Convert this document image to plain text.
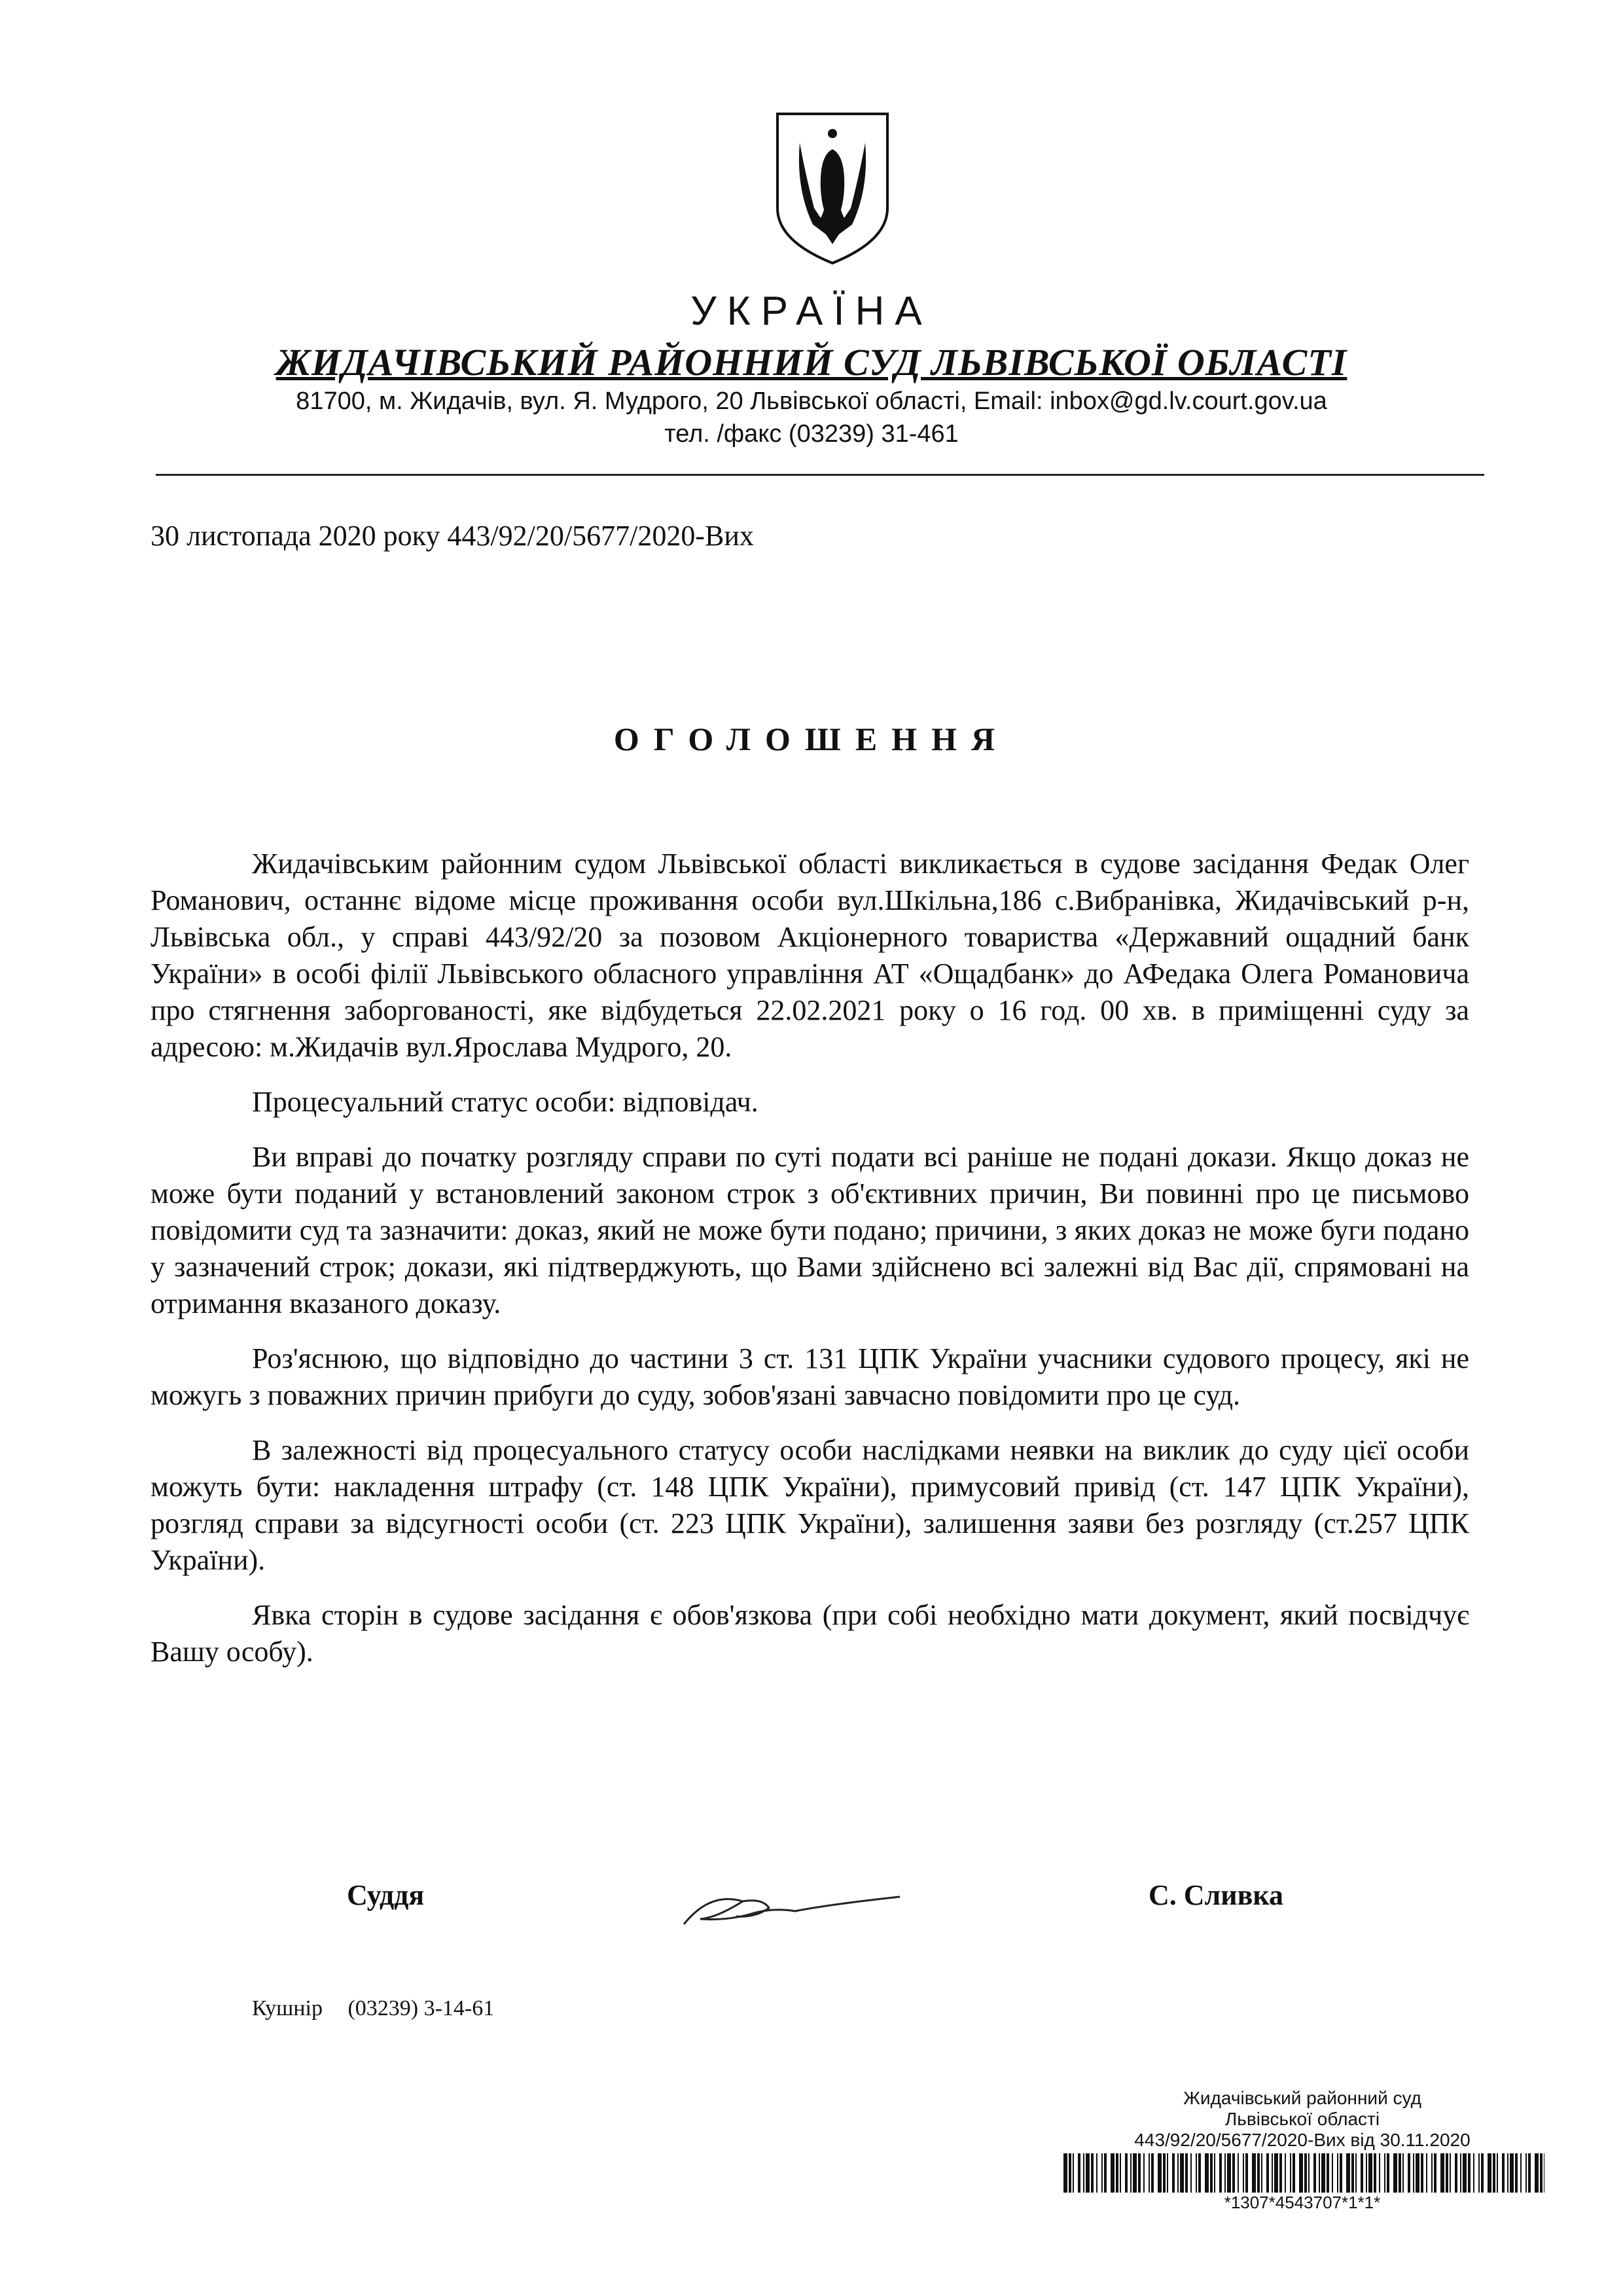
УКРАЇНА
ЖИДАЧІВСЬКИЙ РАЙОННИЙ СУД ЛЬВІВСЬКОЇ ОБЛАСТІ
81700, м. Жидачів, вул. Я. Мудрого, 20 Львівської області, Email: inbox@gd.lv.court.gov.ua
тел. /факс (03239) 31-461
30 листопада 2020 року 443/92/20/5677/2020-Вих
ОГОЛОШЕННЯ

Жидачівським районним судом Львівської області викликається в судове засідання Федак Олег Романович, останнє відоме місце проживання особи вул.Шкільна,186 с.Вибранівка, Жидачівський р-н, Львівська обл., у справі 443/92/20 за позовом Акціонерного товариства «Державний ощадний банк України» в особі філії Львівського обласного управління АТ «Ощадбанк» до АФедака Олега Романовича про стягнення заборгованості, яке відбудеться 22.02.2021 року о 16 год. 00 хв. в приміщенні суду за адресою: м.Жидачів вул.Ярослава Мудрого, 20.

Процесуальний статус особи: відповідач.

Ви вправі до початку розгляду справи по суті подати всі раніше не подані докази. Якщо доказ не може бути поданий у встановлений законом строк з об'єктивних причин, Ви повинні про це письмово повідомити суд та зазначити: доказ, який не може бути подано; причини, з яких доказ не може буги подано у зазначений строк; докази, які підтверджують, що Вами здійснено всі залежні від Вас дії, спрямовані на отримання вказаного доказу.

Роз'яснюю, що відповідно до частини 3 ст. 131 ЦПК України учасники судового процесу, які не можугь з поважних причин прибуги до суду, зобов'язані завчасно повідомити про це суд.

В залежності від процесуального статусу особи наслідками неявки на виклик до суду цієї особи можуть бути: накладення штрафу (ст. 148 ЦПК України), примусовий привід (ст. 147 ЦПК України), розгляд справи за відсугності особи (ст. 223 ЦПК України), залишення заяви без розгляду (ст.257 ЦПК України).

Явка сторін в судове засідання є обов'язкова (при собі необхідно мати документ, який посвідчує Вашу особу).

Суддя	С. Сливка
Кушнір (03239) 3-14-61
Жидачівський районний суд
Львівської області
443/92/20/5677/2020-Вих від 30.11.2020
*1307*4543707*1*1*
